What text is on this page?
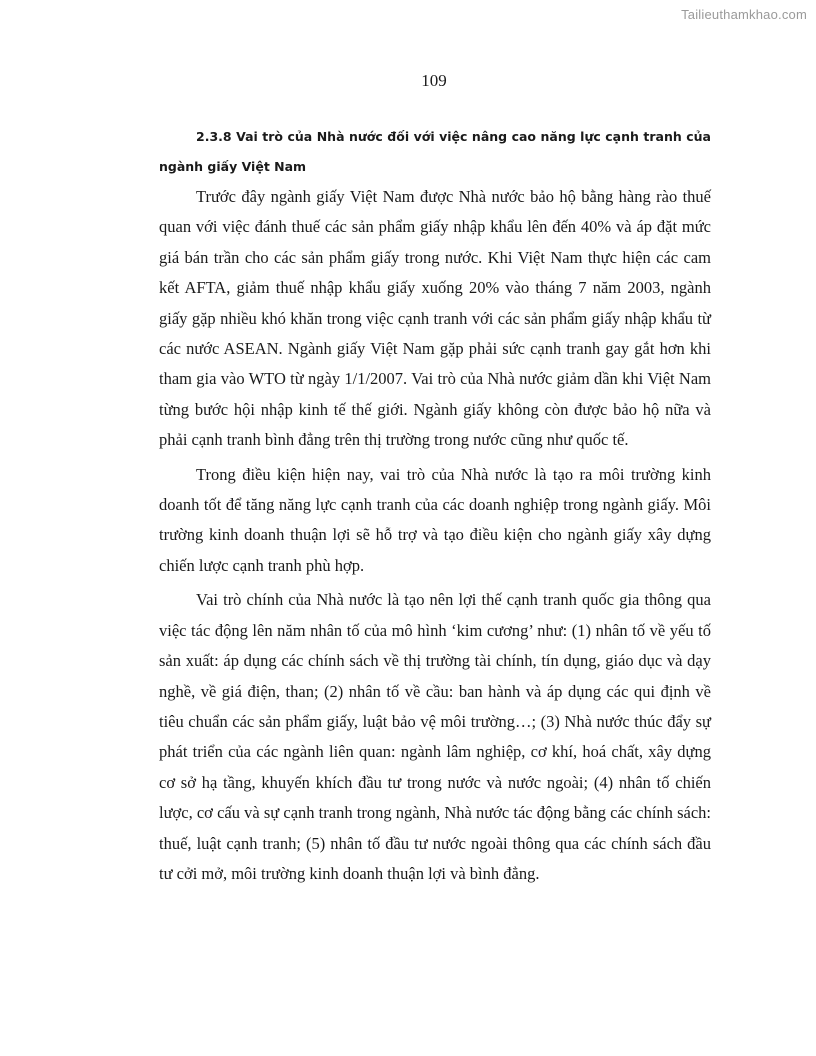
Tailieuthamkhao.com
109

2.3.8 Vai trò của Nhà nước đối với việc nâng cao năng lực cạnh tranh của ngành giấy Việt Nam

Trước đây ngành giấy Việt Nam được Nhà nước bảo hộ bằng hàng rào thuế quan với việc đánh thuế các sản phẩm giấy nhập khẩu lên đến 40% và áp đặt mức giá bán trần cho các sản phẩm giấy trong nước. Khi Việt Nam thực hiện các cam kết AFTA, giảm thuế nhập khẩu giấy xuống 20% vào tháng 7 năm 2003, ngành giấy gặp nhiều khó khăn trong việc cạnh tranh với các sản phẩm giấy nhập khẩu từ các nước ASEAN. Ngành giấy Việt Nam gặp phải sức cạnh tranh gay gắt hơn khi tham gia vào WTO từ ngày 1/1/2007. Vai trò của Nhà nước giảm dần khi Việt Nam từng bước hội nhập kinh tế thế giới. Ngành giấy không còn được bảo hộ nữa và phải cạnh tranh bình đẳng trên thị trường trong nước cũng như quốc tế.

Trong điều kiện hiện nay, vai trò của Nhà nước là tạo ra môi trường kinh doanh tốt để tăng năng lực cạnh tranh của các doanh nghiệp trong ngành giấy. Môi trường kinh doanh thuận lợi sẽ hỗ trợ và tạo điều kiện cho ngành giấy xây dựng chiến lược cạnh tranh phù hợp.

Vai trò chính của Nhà nước là tạo nên lợi thế cạnh tranh quốc gia thông qua việc tác động lên năm nhân tố của mô hình ‘kim cương’ như: (1) nhân tố về yếu tố sản xuất: áp dụng các chính sách về thị trường tài chính, tín dụng, giáo dục và dạy nghề, về giá điện, than; (2) nhân tố về cầu: ban hành và áp dụng các qui định về tiêu chuẩn các sản phẩm giấy, luật bảo vệ môi trường…; (3) Nhà nước thúc đẩy sự phát triển của các ngành liên quan: ngành lâm nghiệp, cơ khí, hoá chất, xây dựng cơ sở hạ tầng, khuyến khích đầu tư trong nước và nước ngoài; (4) nhân tố chiến lược, cơ cấu và sự cạnh tranh trong ngành, Nhà nước tác động bằng các chính sách: thuế, luật cạnh tranh; (5) nhân tố đầu tư nước ngoài thông qua các chính sách đầu tư cởi mở, môi trường kinh doanh thuận lợi và bình đẳng.
